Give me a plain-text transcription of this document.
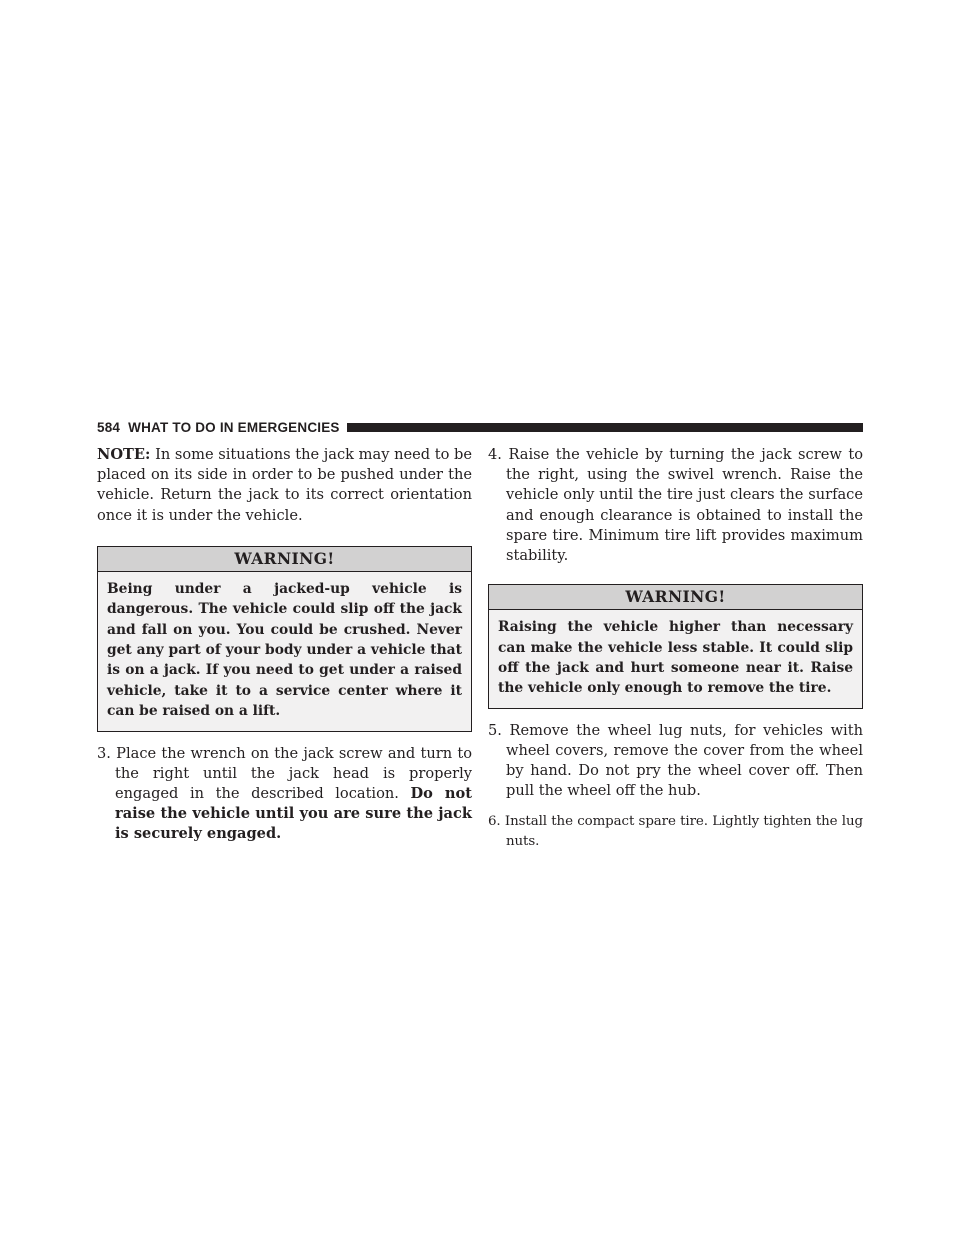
584 WHAT TO DO IN EMERGENCIES

NOTE: In some situations the jack may need to be placed on its side in order to be pushed under the vehicle. Return the jack to its correct orientation once it is under the vehicle.

WARNING!
Being under a jacked-up vehicle is dangerous. The vehicle could slip off the jack and fall on you. You could be crushed. Never get any part of your body under a vehicle that is on a jack. If you need to get under a raised vehicle, take it to a service center where it can be raised on a lift.

3. Place the wrench on the jack screw and turn to the right until the jack head is properly engaged in the described location. Do not raise the vehicle until you are sure the jack is securely engaged.

4. Raise the vehicle by turning the jack screw to the right, using the swivel wrench. Raise the vehicle only until the tire just clears the surface and enough clearance is obtained to install the spare tire. Minimum tire lift provides maximum stability.

WARNING!
Raising the vehicle higher than necessary can make the vehicle less stable. It could slip off the jack and hurt someone near it. Raise the vehicle only enough to remove the tire.

5. Remove the wheel lug nuts, for vehicles with wheel covers, remove the cover from the wheel by hand. Do not pry the wheel cover off. Then pull the wheel off the hub.

6. Install the compact spare tire. Lightly tighten the lug nuts.
